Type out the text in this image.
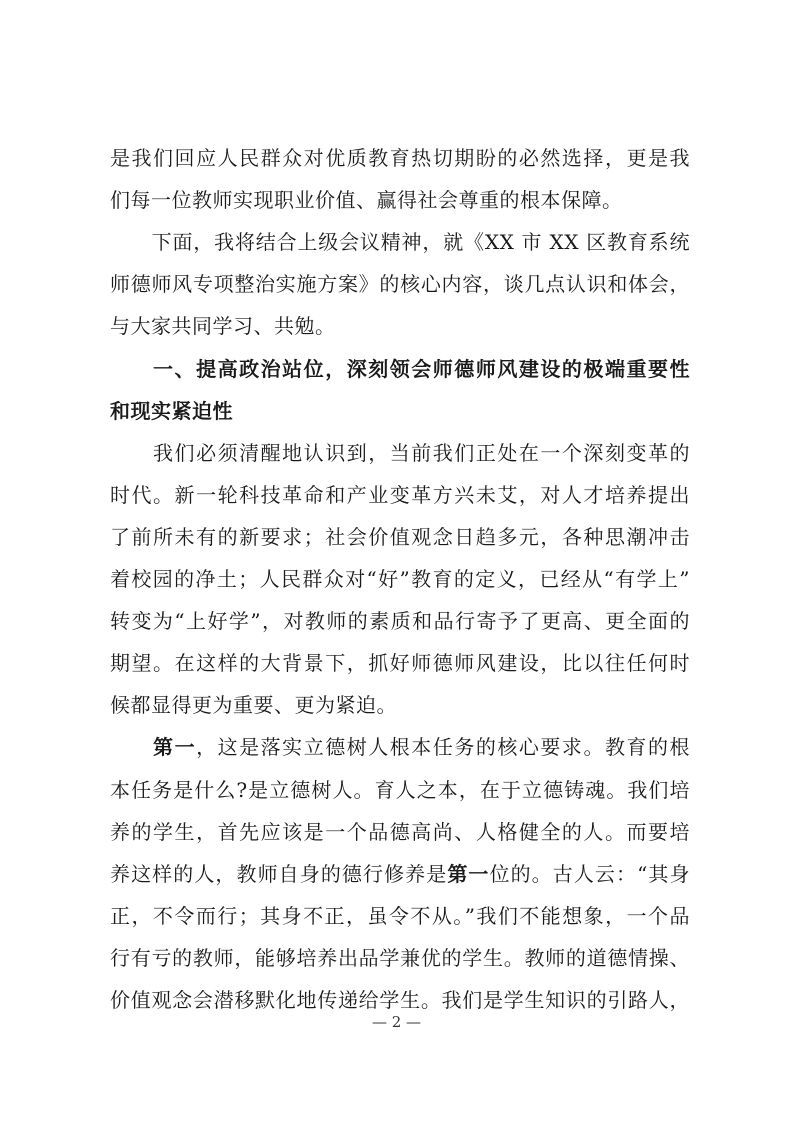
是我们回应人民群众对优质教育热切期盼的必然选择，更是我
们每一位教师实现职业价值、赢得社会尊重的根本保障。
　　下面，我将结合上级会议精神，就《XX 市 XX 区教育系统
师德师风专项整治实施方案》的核心内容，谈几点认识和体会，
与大家共同学习、共勉。
　　一、提高政治站位，深刻领会师德师风建设的极端重要性
和现实紧迫性
　　我们必须清醒地认识到，当前我们正处在一个深刻变革的
时代。新一轮科技革命和产业变革方兴未艾，对人才培养提出
了前所未有的新要求；社会价值观念日趋多元，各种思潮冲击
着校园的净土；人民群众对“好”教育的定义，已经从“有学上”
转变为“上好学”，对教师的素质和品行寄予了更高、更全面的
期望。在这样的大背景下，抓好师德师风建设，比以往任何时
候都显得更为重要、更为紧迫。
　　第一，这是落实立德树人根本任务的核心要求。教育的根
本任务是什么?是立德树人。育人之本，在于立德铸魂。我们培
养的学生，首先应该是一个品德高尚、人格健全的人。而要培
养这样的人，教师自身的德行修养是第一位的。古人云：“其身
正，不令而行；其身不正，虽令不从。”我们不能想象，一个品
行有亏的教师，能够培养出品学兼优的学生。教师的道德情操、
价值观念会潜移默化地传递给学生。我们是学生知识的引路人，
— 2 —
